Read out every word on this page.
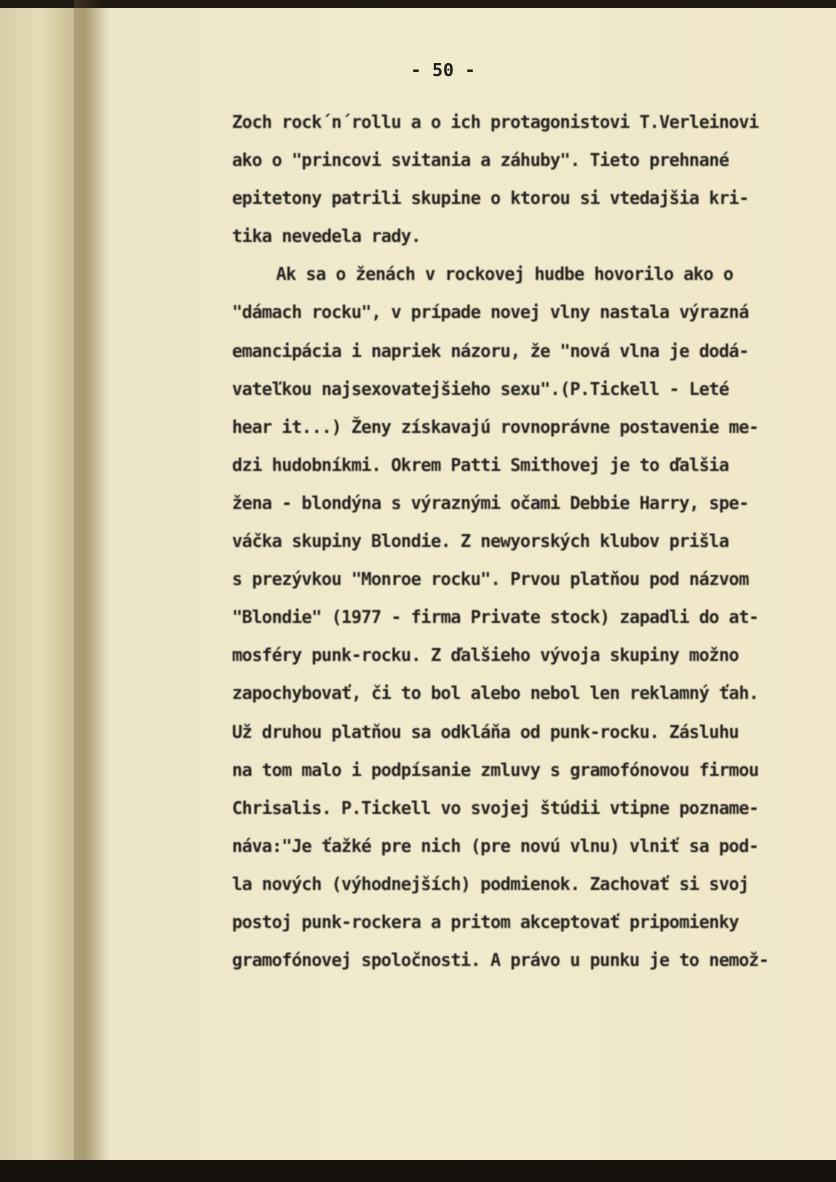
- 50 -
Zoch rock´n´rollu a o ich protagonistovi T.Verleinovi
ako o "princovi svitania a záhuby". Tieto prehnané
epitetony patrili skupine o ktorou si vtedajšia kri-
tika nevedela rady.
Ak sa o ženách v rockovej hudbe hovorilo ako o
"dámach rocku", v prípade novej vlny nastala výrazná
emancipácia i napriek názoru, že "nová vlna je dodá-
vateľkou najsexovatejšieho sexu".(P.Tickell - Leté
hear it...) Ženy získavajú rovnoprávne postavenie me-
dzi hudobníkmi. Okrem Patti Smithovej je to ďalšia
žena - blondýna s výraznými očami Debbie Harry, spe-
váčka skupiny Blondie. Z newyorských klubov prišla
s prezývkou "Monroe rocku". Prvou platňou pod názvom
"Blondie" (1977 - firma Private stock) zapadli do at-
mosféry punk-rocku. Z ďalšieho vývoja skupiny možno
zapochybovať, či to bol alebo nebol len reklamný ťah.
Už druhou platňou sa odkláňa od punk-rocku. Zásluhu
na tom malo i podpísanie zmluvy s gramofónovou firmou
Chrisalis. P.Tickell vo svojej štúdii vtipne poznamе-
náva:"Je ťažké pre nich (pre novú vlnu) vlniť sa pod-
la nových (výhodnejších) podmienok. Zachovať si svoj
postoj punk-rockera a pritom akceptovať pripomienky
gramofónovej spoločnosti. A právo u punku je to nemož-
